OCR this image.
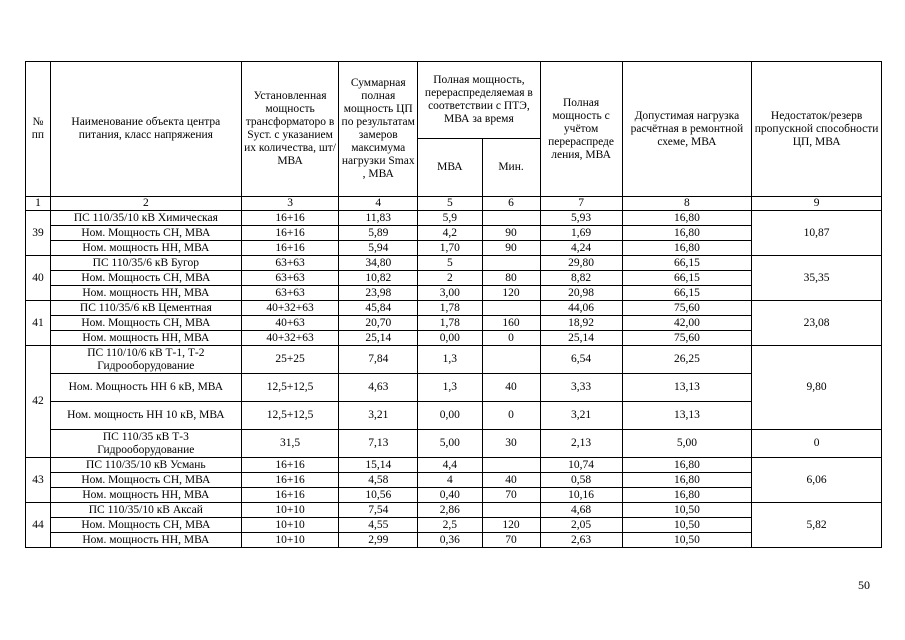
№ пп	Наименование объекта центра питания, класс напряжения	Установленная мощность трансформаторо в Sуст. с указанием их количества, шт/ МВА	Суммарная полная мощность ЦП по результатам замеров максимума нагрузки Smax , МВА	Полная мощность, перераспределяемая в соответствии с ПТЭ, МВА за время		Полная мощность с учётом перераспреде ления, МВА	Допустимая нагрузка расчётная в ремонтной схеме, МВА	Недостаток/резерв пропускной способности ЦП, МВА
				МВА	Мин.			
1	2	3	4	5	6	7	8	9
39	ПС 110/35/10 кВ Химическая	16+16	11,83	5,9		5,93	16,80	10,87
	Ном. Мощность СН, МВА	16+16	5,89	4,2	90	1,69	16,80	
	Ном. мощность НН, МВА	16+16	5,94	1,70	90	4,24	16,80	
40	ПС 110/35/6 кВ Бугор	63+63	34,80	5		29,80	66,15	35,35
	Ном. Мощность СН, МВА	63+63	10,82	2	80	8,82	66,15	
	Ном. мощность НН, МВА	63+63	23,98	3,00	120	20,98	66,15	
41	ПС 110/35/6 кВ Цементная	40+32+63	45,84	1,78		44,06	75,60	23,08
	Ном. Мощность СН, МВА	40+63	20,70	1,78	160	18,92	42,00	
	Ном. мощность НН, МВА	40+32+63	25,14	0,00	0	25,14	75,60	
42	ПС 110/10/6 кВ Т-1, Т-2 Гидрооборудование	25+25	7,84	1,3		6,54	26,25	9,80
	Ном. Мощность НН 6 кВ, МВА	12,5+12,5	4,63	1,3	40	3,33	13,13	
	Ном. мощность НН 10 кВ, МВА	12,5+12,5	3,21	0,00	0	3,21	13,13	
	ПС 110/35 кВ Т-3 Гидрооборудование	31,5	7,13	5,00	30	2,13	5,00	0
43	ПС 110/35/10 кВ Усмань	16+16	15,14	4,4		10,74	16,80	6,06
	Ном. Мощность СН, МВА	16+16	4,58	4	40	0,58	16,80	
	Ном. мощность НН, МВА	16+16	10,56	0,40	70	10,16	16,80	
44	ПС 110/35/10 кВ Аксай	10+10	7,54	2,86		4,68	10,50	5,82
	Ном. Мощность СН, МВА	10+10	4,55	2,5	120	2,05	10,50	
	Ном. мощность НН, МВА	10+10	2,99	0,36	70	2,63	10,50	
50
